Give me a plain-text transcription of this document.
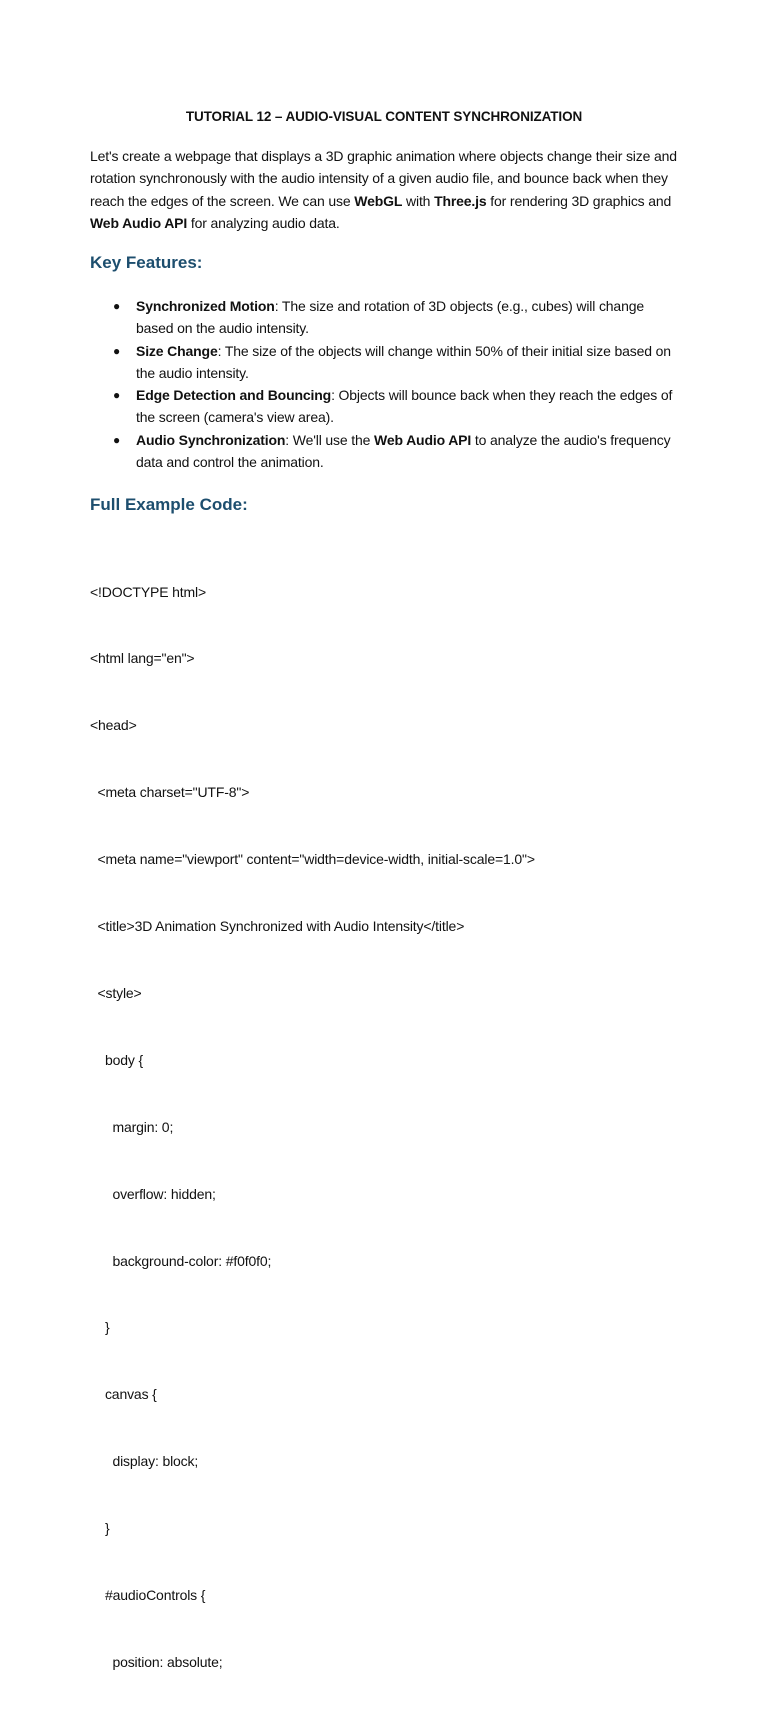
TUTORIAL 12 – AUDIO-VISUAL CONTENT SYNCHRONIZATION

Let's create a webpage that displays a 3D graphic animation where objects change their size and rotation synchronously with the audio intensity of a given audio file, and bounce back when they reach the edges of the screen. We can use WebGL with Three.js for rendering 3D graphics and Web Audio API for analyzing audio data.

Key Features:
● Synchronized Motion: The size and rotation of 3D objects (e.g., cubes) will change based on the audio intensity.
● Size Change: The size of the objects will change within 50% of their initial size based on the audio intensity.
● Edge Detection and Bouncing: Objects will bounce back when they reach the edges of the screen (camera's view area).
● Audio Synchronization: We'll use the Web Audio API to analyze the audio's frequency data and control the animation.
Full Example Code:

<!DOCTYPE html>

<html lang="en">

<head>

<meta charset="UTF-8">

<meta name="viewport" content="width=device-width, initial-scale=1.0">

<title>3D Animation Synchronized with Audio Intensity</title>

<style>

body {

margin: 0;

overflow: hidden;

background-color: #f0f0f0;

}

canvas {

display: block;

}

#audioControls {

position: absolute;
